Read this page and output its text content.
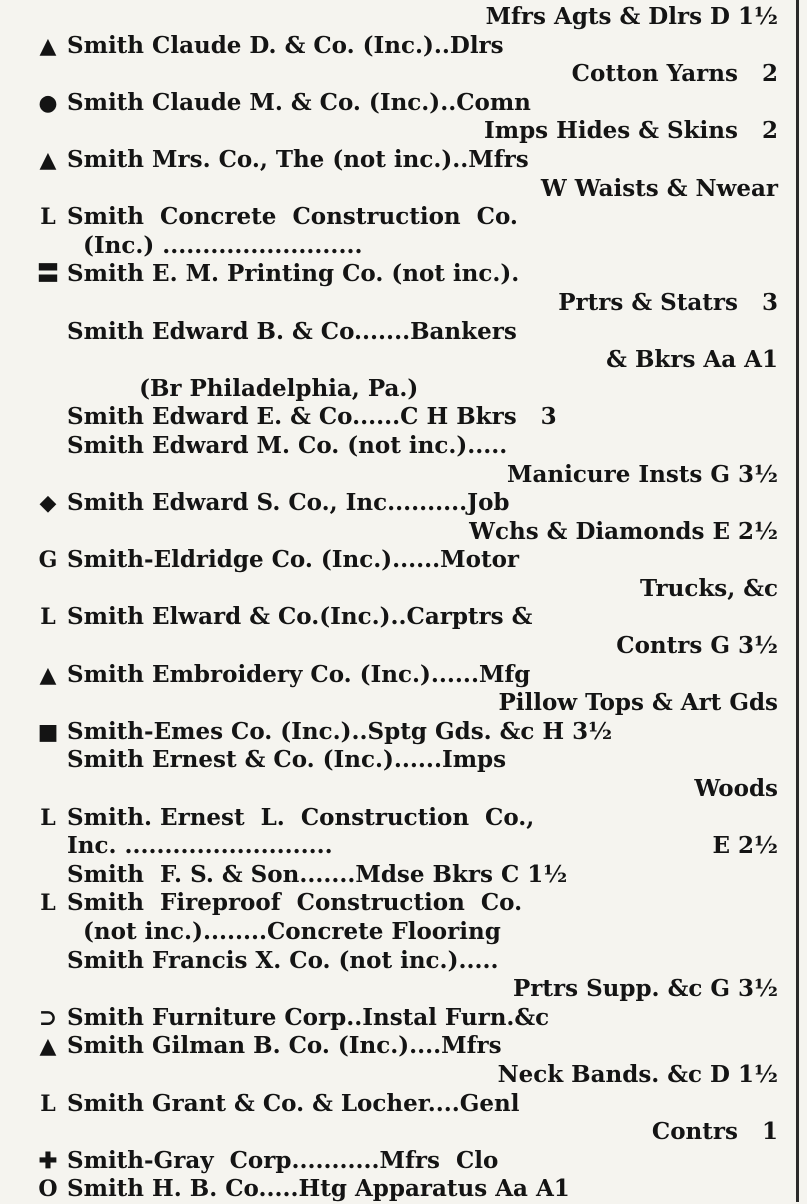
Mfrs Agts & Dlrs D 1½
▲ Smith Claude D. & Co. (Inc.)..Dlrs
Cotton Yarns   2
● Smith Claude M. & Co. (Inc.)..Comn
Imps Hides & Skins   2
▲ Smith Mrs. Co., The (not inc.)..Mfrs
W Waists & Nwear
L Smith  Concrete  Construction  Co.
(Inc.) .........................
〓 Smith E. M. Printing Co. (not inc.).
Prtrs & Statrs   3
Smith Edward B. & Co.......Bankers
& Bkrs Aa A1
(Br Philadelphia, Pa.)
Smith Edward E. & Co......C H Bkrs   3
Smith Edward M. Co. (not inc.).....
Manicure Insts G 3½
◆ Smith Edward S. Co., Inc..........Job
Wchs & Diamonds E 2½
G Smith-Eldridge Co. (Inc.)......Motor
Trucks, &c
L Smith Elward & Co.(Inc.)..Carptrs &
Contrs G 3½
▲ Smith Embroidery Co. (Inc.)......Mfg
Pillow Tops & Art Gds
■ Smith-Emes Co. (Inc.)..Sptg Gds. &c H 3½
Smith Ernest & Co. (Inc.)......Imps
Woods
L Smith. Ernest  L.  Construction  Co.,
Inc. ..........................	E 2½
Smith  F. S. & Son.......Mdse Bkrs C 1½
L Smith  Fireproof  Construction  Co.
(not inc.)........Concrete Flooring
Smith Francis X. Co. (not inc.).....
Prtrs Supp. &c G 3½
⊃ Smith Furniture Corp..Instal Furn.&c
▲ Smith Gilman B. Co. (Inc.)....Mfrs
Neck Bands. &c D 1½
L Smith Grant & Co. & Locher....Genl
Contrs   1
✚ Smith-Gray  Corp...........Mfrs  Clo
O Smith H. B. Co.....Htg Apparatus Aa A1
